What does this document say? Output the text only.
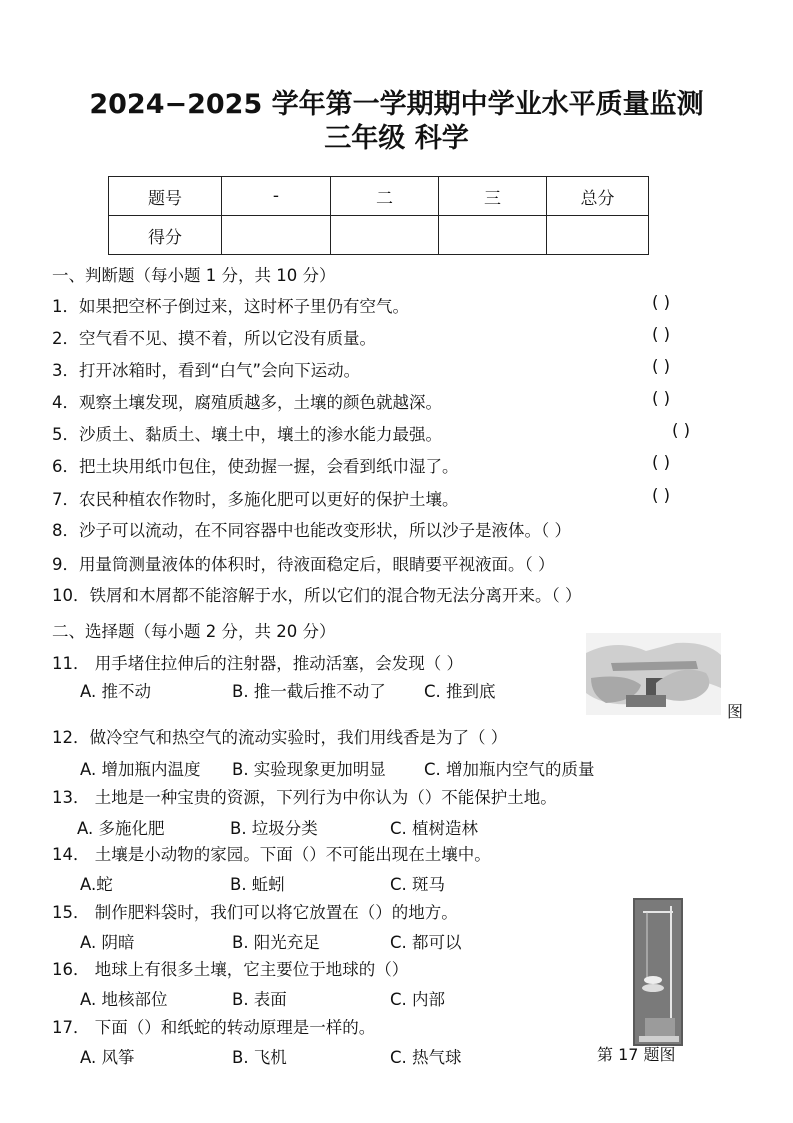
2024−2025 学年第一学期期中学业水平质量监测
三年级 科学
题号	-	二	三	总分
得分				
一、判断题（每小题 1 分，共 10 分）
1．如果把空杯子倒过来，这时杯子里仍有空气。	( )
2．空气看不见、摸不着，所以它没有质量。	( )
3．打开冰箱时，看到“白气”会向下运动。	( )
4．观察土壤发现，腐殖质越多，土壤的颜色就越深。	( )
5．沙质土、黏质土、壤土中，壤土的渗水能力最强。	( )
6．把土块用纸巾包住，使劲握一握，会看到纸巾湿了。	( )
7．农民种植农作物时，多施化肥可以更好的保护土壤。	( )
8．沙子可以流动，在不同容器中也能改变形状，所以沙子是液体。（ ）
9．用量筒测量液体的体积时，待液面稳定后，眼睛要平视液面。（ ）
10．铁屑和木屑都不能溶解于水，所以它们的混合物无法分离开来。（ ）
二、选择题（每小题 2 分，共 20 分）
11． 用手堵住拉伸后的注射器，推动活塞，会发现（ ）
A. 推不动	B. 推一截后推不动了 C. 推到底
图
12．做冷空气和热空气的流动实验时，我们用线香是为了（ ）
A. 增加瓶内温度 B. 实验现象更加明显 C. 增加瓶内空气的质量
13． 土地是一种宝贵的资源，下列行为中你认为（）不能保护土地。
A. 多施化肥	B. 垃圾分类	C. 植树造林
14． 土壤是小动物的家园。下面（）不可能出现在土壤中。
A.蛇	B. 蚯蚓	C. 斑马
15． 制作肥料袋时，我们可以将它放置在（）的地方。
A. 阴暗	B. 阳光充足	C. 都可以
16． 地球上有很多土壤，它主要位于地球的（）
A. 地核部位	B. 表面	C. 内部
17． 下面（）和纸蛇的转动原理是一样的。
A. 风筝	B. 飞机	C. 热气球	第 17 题图
